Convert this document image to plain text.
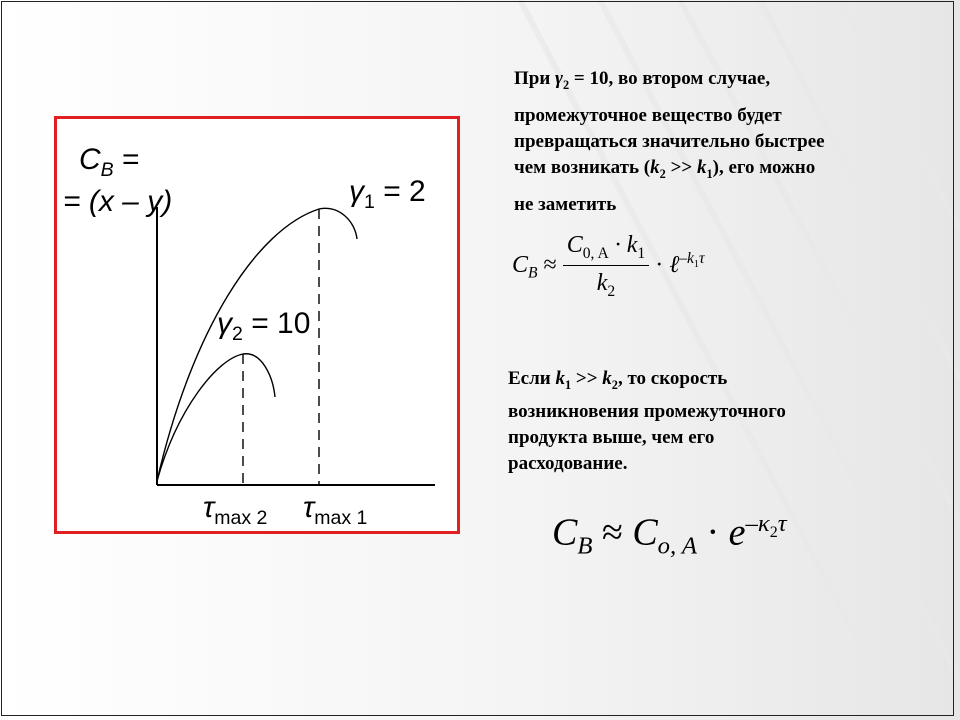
$C_B$ =
= (x – y)	$\gamma_1 = 2$
$\gamma_2 = 10$
$\tau_{max 2}$ $\tau_{max 1}$

При $\gamma_2 = 10$, во втором случае,

промежуточное вещество будет

превращаться значительно быстрее

чем возникать $(k_2 >> k_1)$, его можно

не заметить

$C_B \approx \frac{C_{0, A} \cdot k_1}{k_2}$ · ℓ$^{-k_1\tau}$

Если $k_1 >> k_2$, то скорость

возникновения промежуточного

продукта выше, чем его

расходование.

$C_B \approx C_{o, A} \cdot e^{-\kappa_2\tau}$
